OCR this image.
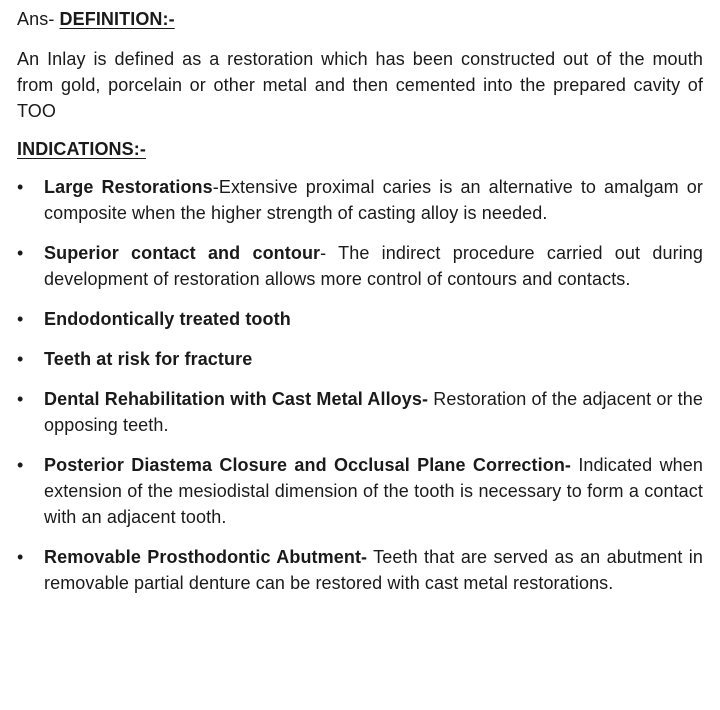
Ans- DEFINITION:-
An Inlay is defined as a restoration which has been constructed out of the mouth from gold, porcelain or other metal and then cemented into the prepared cavity of TOO
INDICATIONS:-
•	Large Restorations-Extensive proximal caries is an alternative to amalgam or composite when the higher strength of casting alloy is needed.
•	Superior contact and contour- The indirect procedure carried out during development of restoration allows more control of contours and contacts.
•	Endodontically treated tooth
•	Teeth at risk for fracture
•	Dental Rehabilitation with Cast Metal Alloys- Restoration of the adjacent or the opposing teeth.
•	Posterior Diastema Closure and Occlusal Plane Correction- Indicated when extension of the mesiodistal dimension of the tooth is necessary to form a contact with an adjacent tooth.
•	Removable Prosthodontic Abutment- Teeth that are served as an abutment in removable partial denture can be restored with cast metal restorations.
